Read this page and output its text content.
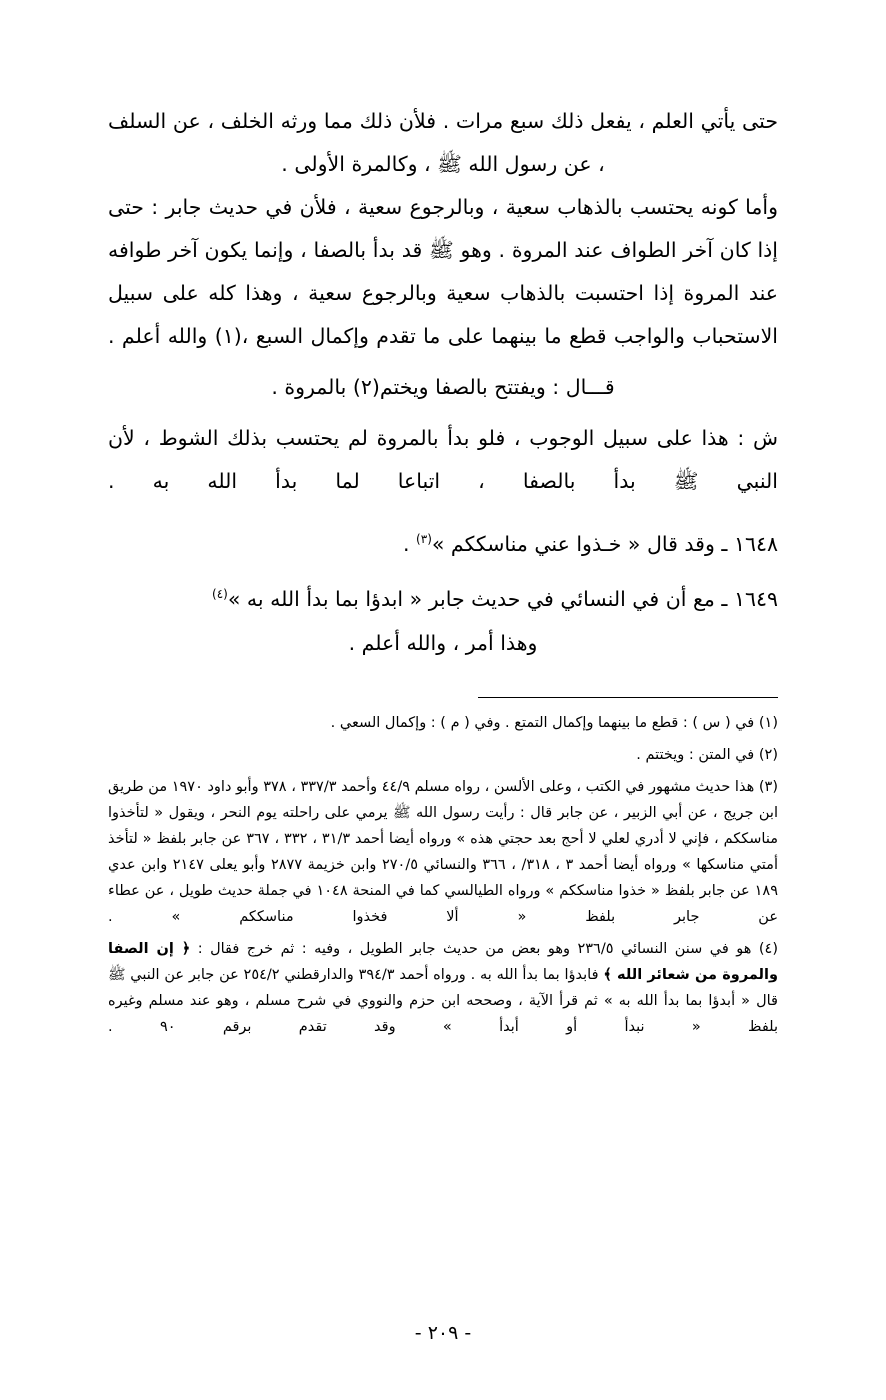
حتى يأتي العلم ، يفعل ذلك سبع مرات . فلأن ذلك مما ورثه الخلف ، عن السلف ، عن رسول الله ﷺ ، وكالمرة الأولى .

وأما كونه يحتسب بالذهاب سعية ، وبالرجوع سعية ، فلأن في حديث جابر : حتى إذا كان آخر الطواف عند المروة . وهو ﷺ قد بدأ بالصفا ، وإنما يكون آخر طوافه عند المروة إذا احتسبت بالذهاب سعية وبالرجوع سعية ، وهذا كله على سبيل الاستحباب والواجب قطع ما بينهما على ما تقدم وإكمال السبع ،(١) والله أعلم .

قـــال : ويفتتح بالصفا ويختم(٢) بالمروة .

ش : هذا على سبيل الوجوب ، فلو بدأ بالمروة لم يحتسب بذلك الشوط ، لأن النبي ﷺ بدأ بالصفا ، اتباعا لما بدأ الله به .

١٦٤٨ ـ وقد قال « خـذوا عني مناسككم »$^{(٣)}$ .
١٦٤٩ ـ مع أن في النسائي في حديث جابر « ابدؤا بما بدأ الله به »$^{(٤)}$
وهذا أمر ، والله أعلم .

(١) في ( س ) : قطع ما بينهما وإكمال التمتع . وفي ( م ) : وإكمال السعي .

(٢) في المتن : ويختتم .

(٣) هذا حديث مشهور في الكتب ، وعلى الألسن ، رواه مسلم ٤٤/٩ وأحمد ٣٣٧/٣ ، ٣٧٨ وأبو داود ١٩٧٠ من طريق ابن جريج ، عن أبي الزبير ، عن جابر قال : رأيت رسول الله ﷺ يرمي على راحلته يوم النحر ، ويقول « لتأخذوا مناسككم ، فإني لا أدري لعلي لا أحج بعد حجتي هذه » ورواه أيضا أحمد ٣١/٣ ، ٣٣٢ ، ٣٦٧ عن جابر بلفظ « لتأخذ أمتي مناسكها » ورواه أيضا أحمد ٣ ، ٣١٨/ ، ٣٦٦ والنسائي ٢٧٠/٥ وابن خزيمة ٢٨٧٧ وأبو يعلى ٢١٤٧ وابن عدي ١٨٩ عن جابر بلفظ « خذوا مناسككم » ورواه الطيالسي كما في المنحة ١٠٤٨ في جملة حديث طويل ، عن عطاء عن جابر بلفظ « ألا فخذوا مناسككم » .

(٤) هو في سنن النسائي ٢٣٦/٥ وهو بعض من حديث جابر الطويل ، وفيه : ثم خرج فقال : ﴿ إن الصفا والمروة من شعائر الله ﴾ فابدؤا بما بدأ الله به . ورواه أحمد ٣٩٤/٣ والدارقطني ٢٥٤/٢ عن جابر عن النبي ﷺ قال « أبدؤا بما بدأ الله به » ثم قرأ الآية ، وصححه ابن حزم والنووي في شرح مسلم ، وهو عند مسلم وغيره بلفظ « نبدأ أو أبدأ » وقد تقدم برقم ٩٠ .

- ٢٠٩ -
